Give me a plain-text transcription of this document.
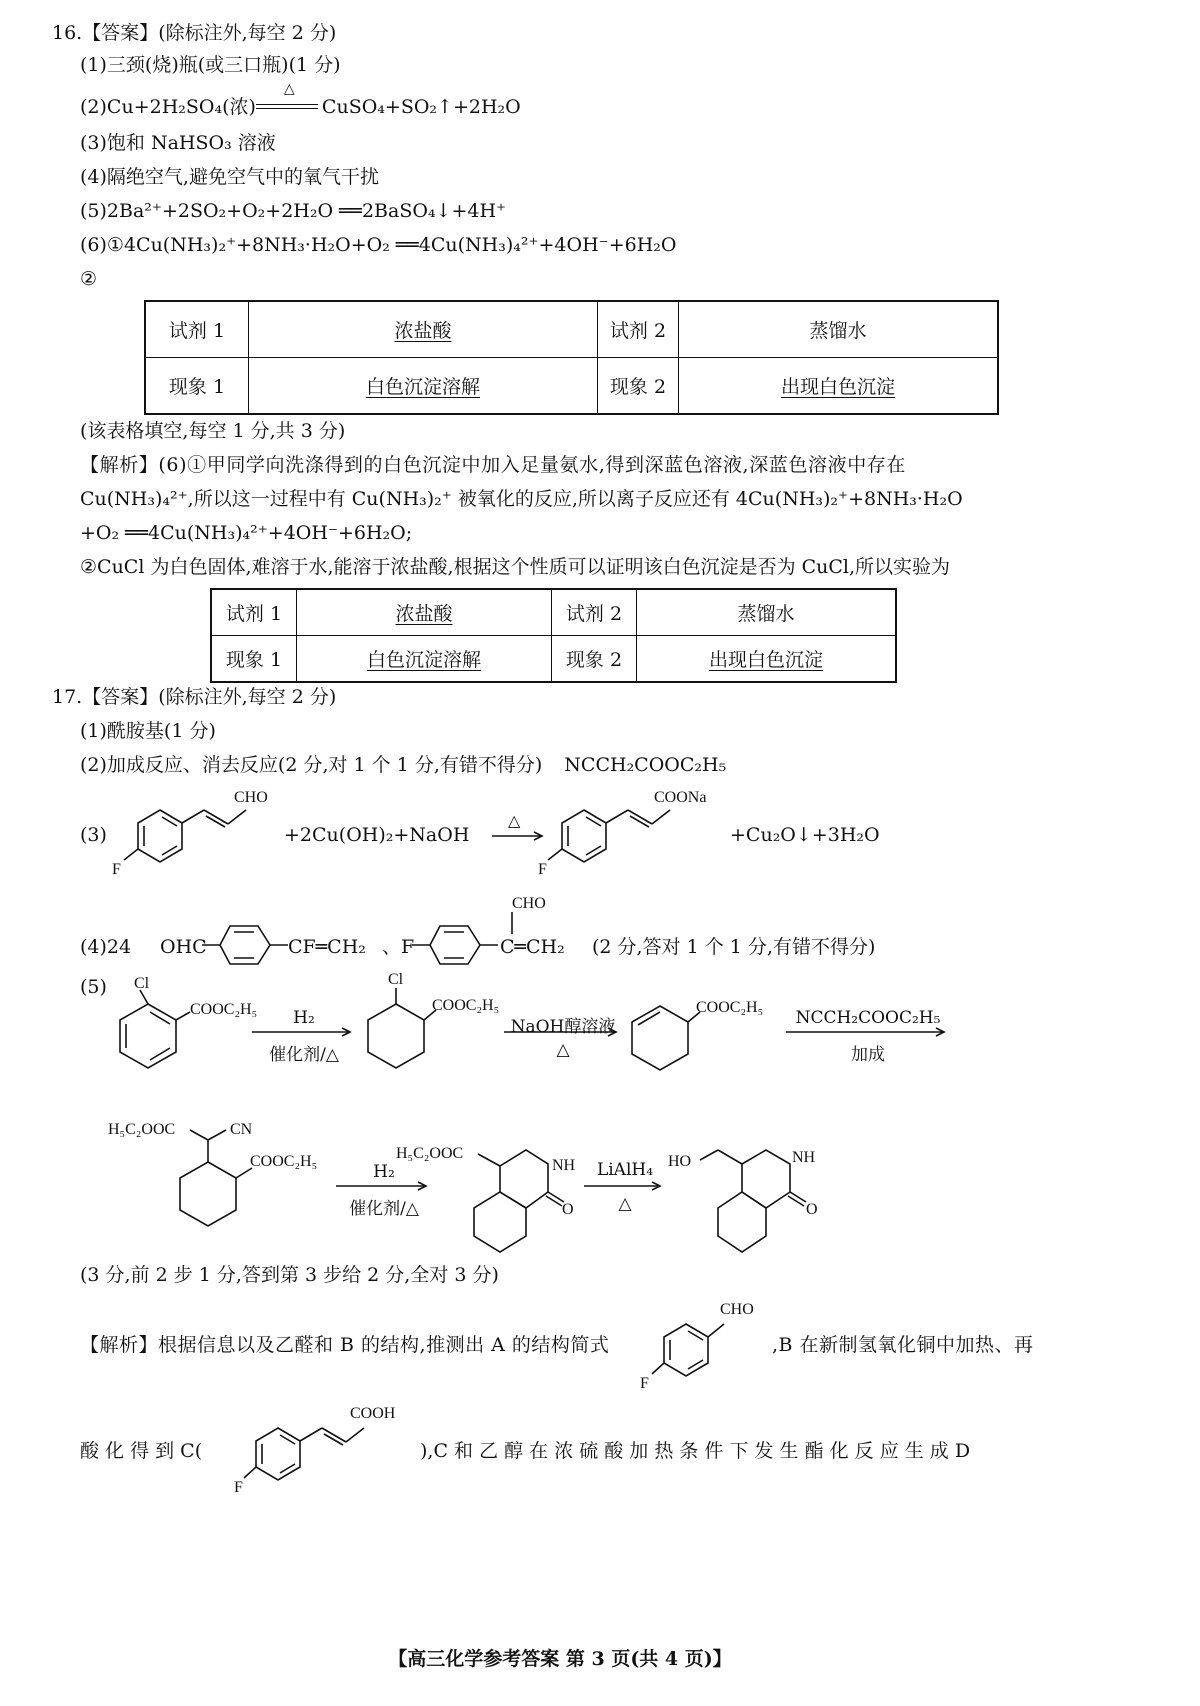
16.【答案】(除标注外,每空 2 分)
(1)三颈(烧)瓶(或三口瓶)(1 分)
(2)Cu+2H₂SO₄(浓)
△
CuSO₄+SO₂↑+2H₂O
(3)饱和 NaHSO₃ 溶液
(4)隔绝空气,避免空气中的氧气干扰
(5)2Ba²⁺+2SO₂+O₂+2H₂O ══2BaSO₄↓+4H⁺
(6)①4Cu(NH₃)₂⁺+8NH₃·H₂O+O₂ ══4Cu(NH₃)₄²⁺+4OH⁻+6H₂O
②
试剂 1	浓盐酸	试剂 2	蒸馏水
现象 1	白色沉淀溶解	现象 2	出现白色沉淀
(该表格填空,每空 1 分,共 3 分)
【解析】(6)①甲同学向洗涤得到的白色沉淀中加入足量氨水,得到深蓝色溶液,深蓝色溶液中存在
Cu(NH₃)₄²⁺,所以这一过程中有 Cu(NH₃)₂⁺ 被氧化的反应,所以离子反应还有 4Cu(NH₃)₂⁺+8NH₃·H₂O
+O₂ ══4Cu(NH₃)₄²⁺+4OH⁻+6H₂O;
②CuCl 为白色固体,难溶于水,能溶于浓盐酸,根据这个性质可以证明该白色沉淀是否为 CuCl,所以实验为
试剂 1	浓盐酸	试剂 2	蒸馏水
现象 1	白色沉淀溶解	现象 2	出现白色沉淀
17.【答案】(除标注外,每空 2 分)
(1)酰胺基(1 分)
(2)加成反应、消去反应(2 分,对 1 个 1 分,有错不得分) NCCH₂COOC₂H₅
(3)
CHO
F
+2Cu(OH)₂+NaOH
△
COONa
F
+Cu₂O↓+3H₂O
(4)24 OHC	CF═CH₂ 、F
CHO
C═CH₂ (2 分,答对 1 个 1 分,有错不得分)
(5) Cl
COOC₂H₅	H₂
催化剂/△
Cl
COOC₂H₅
NaOH醇溶液
△
COOC₂H₅
NCCH₂COOC₂H₅
加成
H₅C₂OOC	CN
COOC₂H₅
H₂
催化剂/△
H₅C₂OOC
NH
O
LiAlH₄
△
HO	NH
O
(3 分,前 2 步 1 分,答到第 3 步给 2 分,全对 3 分)
【解析】根据信息以及乙醛和 B 的结构,推测出 A 的结构简式
CHO
F
,B 在新制氢氧化铜中加热、再
酸 化 得 到 C(
COOH
F
),C 和 乙 醇 在 浓 硫 酸 加 热 条 件 下 发 生 酯 化 反 应 生 成 D
【高三化学参考答案 第 3 页(共 4 页)】
